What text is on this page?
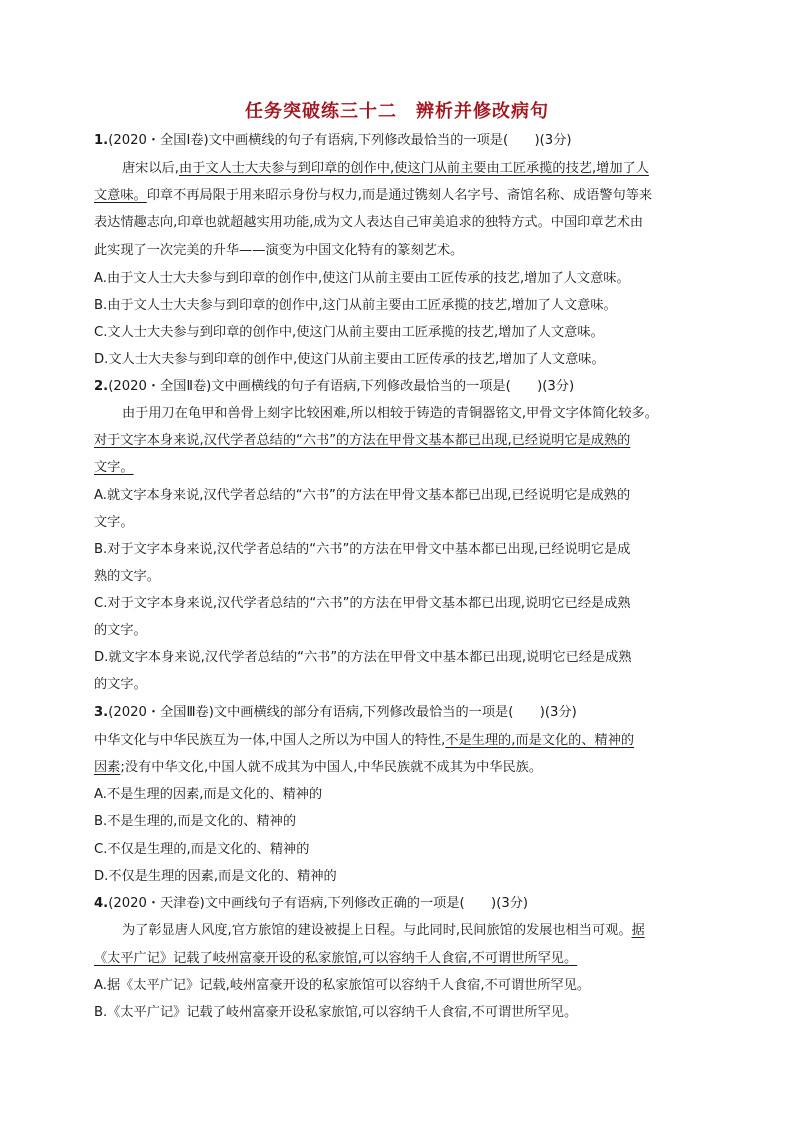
任务突破练三十二　辨析并修改病句
1.(2020・全国Ⅰ卷)文中画横线的句子有语病,下列修改最恰当的一项是(　　)(3分)
唐宋以后,由于文人士大夫参与到印章的创作中,使这门从前主要由工匠承揽的技艺,增加了人
文意味。印章不再局限于用来昭示身份与权力,而是通过镌刻人名字号、斋馆名称、成语警句等来
表达情趣志向,印章也就超越实用功能,成为文人表达自己审美追求的独特方式。中国印章艺术由
此实现了一次完美的升华——演变为中国文化特有的篆刻艺术。
A.由于文人士大夫参与到印章的创作中,使这门从前主要由工匠传承的技艺,增加了人文意味。
B.由于文人士大夫参与到印章的创作中,这门从前主要由工匠承揽的技艺,增加了人文意味。
C.文人士大夫参与到印章的创作中,使这门从前主要由工匠承揽的技艺,增加了人文意味。
D.文人士大夫参与到印章的创作中,使这门从前主要由工匠传承的技艺,增加了人文意味。
2.(2020・全国Ⅱ卷)文中画横线的句子有语病,下列修改最恰当的一项是(　　)(3分)
由于用刀在龟甲和兽骨上刻字比较困难,所以相较于铸造的青铜器铭文,甲骨文字体简化较多。
对于文字本身来说,汉代学者总结的“六书”的方法在甲骨文基本都已出现,已经说明它是成熟的
文字。
A.就文字本身来说,汉代学者总结的“六书”的方法在甲骨文基本都已出现,已经说明它是成熟的
文字。
B.对于文字本身来说,汉代学者总结的“六书”的方法在甲骨文中基本都已出现,已经说明它是成
熟的文字。
C.对于文字本身来说,汉代学者总结的“六书”的方法在甲骨文基本都已出现,说明它已经是成熟
的文字。
D.就文字本身来说,汉代学者总结的“六书”的方法在甲骨文中基本都已出现,说明它已经是成熟
的文字。
3.(2020・全国Ⅲ卷)文中画横线的部分有语病,下列修改最恰当的一项是(　　)(3分)
中华文化与中华民族互为一体,中国人之所以为中国人的特性,不是生理的,而是文化的、精神的
因素;没有中华文化,中国人就不成其为中国人,中华民族就不成其为中华民族。
A.不是生理的因素,而是文化的、精神的
B.不是生理的,而是文化的、精神的
C.不仅是生理的,而是文化的、精神的
D.不仅是生理的因素,而是文化的、精神的
4.(2020・天津卷)文中画线句子有语病,下列修改正确的一项是(　　)(3分)
为了彰显唐人风度,官方旅馆的建设被提上日程。与此同时,民间旅馆的发展也相当可观。据
《太平广记》记载了岐州富豪开设的私家旅馆,可以容纳千人食宿,不可谓世所罕见。
A.据《太平广记》记载,岐州富豪开设的私家旅馆可以容纳千人食宿,不可谓世所罕见。
B.《太平广记》记载了岐州富豪开设私家旅馆,可以容纳千人食宿,不可谓世所罕见。
